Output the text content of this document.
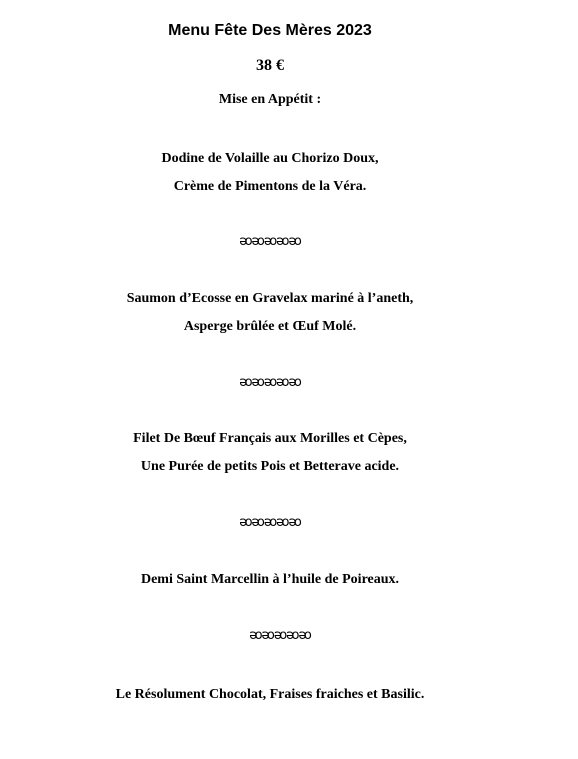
Menu Fête Des Mères 2023
38 €
Mise en Appétit :
Dodine de Volaille au Chorizo Doux,
Crème de Pimentons de la Véra.
ᴔᴔᴔᴔᴔ
Saumon d’Ecosse en Gravelax mariné à l’aneth,
Asperge brûlée et Œuf Molé.
ᴔᴔᴔᴔᴔ
Filet De Bœuf Français aux Morilles et Cèpes,
Une Purée de petits Pois et Betterave acide.
ᴔᴔᴔᴔᴔ
Demi Saint Marcellin à l’huile de Poireaux.
ᴔᴔᴔᴔᴔ
Le Résolument Chocolat, Fraises fraiches et Basilic.
